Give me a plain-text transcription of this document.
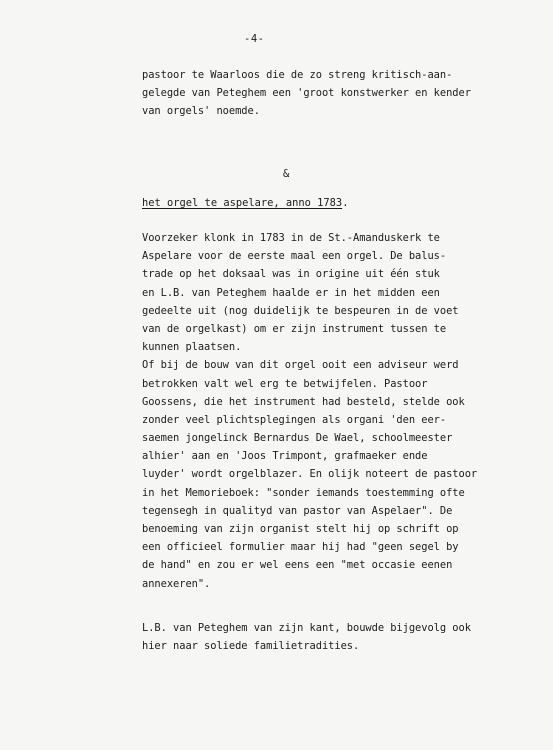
-4-
pastoor te Waarloos die de zo streng kritisch-aan-
gelegde van Peteghem een 'groot konstwerker en kender
van orgels' noemde.
&
het orgel te aspelare, anno 1783.
Voorzeker klonk in 1783 in de St.-Amanduskerk te
Aspelare voor de eerste maal een orgel. De balus-
trade op het doksaal was in origine uit één stuk
en L.B. van Peteghem haalde er in het midden een
gedeelte uit (nog duidelijk te bespeuren in de voet
van de orgelkast) om er zijn instrument tussen te
kunnen plaatsen.
Of bij de bouw van dit orgel ooit een adviseur werd
betrokken valt wel erg te betwijfelen. Pastoor
Goossens, die het instrument had besteld, stelde ook
zonder veel plichtsplegingen als organi 'den eer-
saemen jongelinck Bernardus De Wael, schoolmeester
alhier' aan en 'Joos Trimpont, grafmaeker ende
luyder' wordt orgelblazer. En olijk noteert de pastoor
in het Memorieboek: "sonder iemands toestemming ofte
tegensegh in qualityd van pastor van Aspelaer". De
benoeming van zijn organist stelt hij op schrift op
een officieel formulier maar hij had "geen segel by
de hand" en zou er wel eens een "met occasie eenen
annexeren".
L.B. van Peteghem van zijn kant, bouwde bijgevolg ook
hier naar soliede familietradities.
